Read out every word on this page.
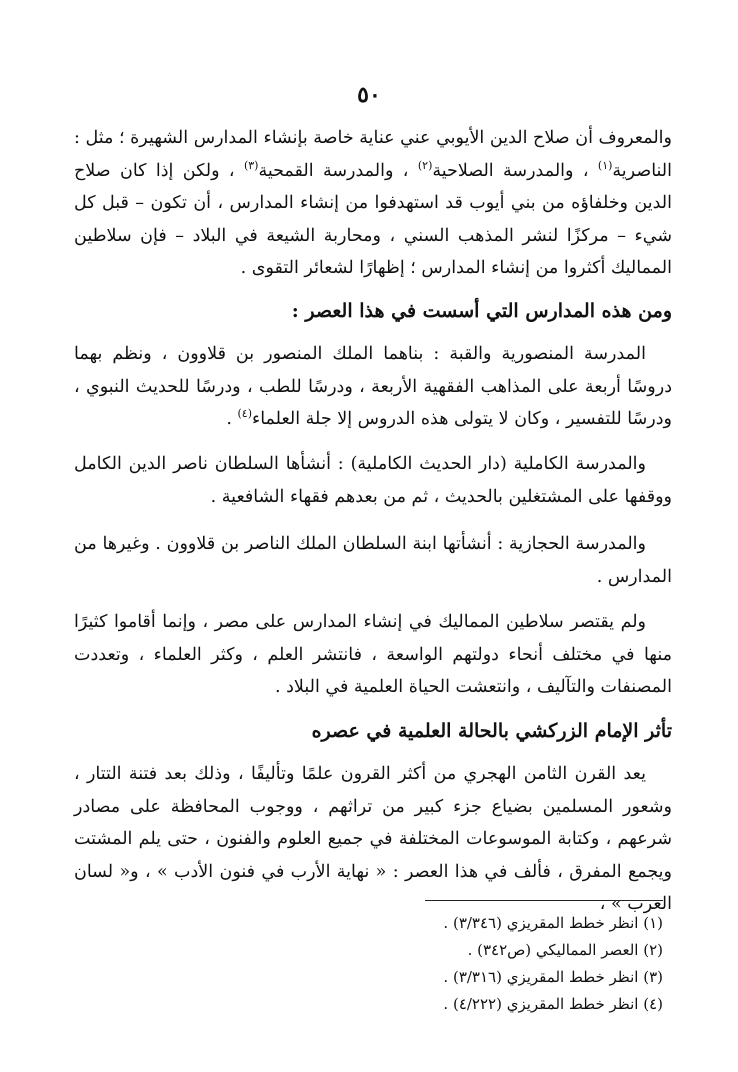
٥٠

والمعروف أن صلاح الدين الأيوبي عني عناية خاصة بإنشاء المدارس الشهيرة ؛ مثل : الناصرية$^{(١)}$ ، والمدرسة الصلاحية$^{(٢)}$ ، والمدرسة القمحية$^{(٣)}$ ، ولكن إذا كان صلاح الدين وخلفاؤه من بني أيوب قد استهدفوا من إنشاء المدارس ، أن تكون – قبل كل شيء – مركزًا لنشر المذهب السني ، ومحاربة الشيعة في البلاد – فإن سلاطين المماليك أكثروا من إنشاء المدارس ؛ إظهارًا لشعائر التقوى .

ومن هذه المدارس التي أسست في هذا العصر :

المدرسة المنصورية والقبة : بناهما الملك المنصور بن قلاوون ، ونظم بهما دروسًا أربعة على المذاهب الفقهية الأربعة ، ودرسًا للطب ، ودرسًا للحديث النبوي ، ودرسًا للتفسير ، وكان لا يتولى هذه الدروس إلا جلة العلماء$^{(٤)}$ .

والمدرسة الكاملية (دار الحديث الكاملية) : أنشأها السلطان ناصر الدين الكامل ووقفها على المشتغلين بالحديث ، ثم من بعدهم فقهاء الشافعية .

والمدرسة الحجازية : أنشأتها ابنة السلطان الملك الناصر بن قلاوون . وغيرها من المدارس .

ولم يقتصر سلاطين المماليك في إنشاء المدارس على مصر ، وإنما أقاموا كثيرًا منها في مختلف أنحاء دولتهم الواسعة ، فانتشر العلم ، وكثر العلماء ، وتعددت المصنفات والتآليف ، وانتعشت الحياة العلمية في البلاد .

تأثر الإمام الزركشي بالحالة العلمية في عصره

يعد القرن الثامن الهجري من أكثر القرون علمًا وتأليفًا ، وذلك بعد فتنة التتار ، وشعور المسلمين بضياع جزء كبير من تراثهم ، ووجوب المحافظة على مصادر شرعهم ، وكتابة الموسوعات المختلفة في جميع العلوم والفنون ، حتى يلم المشتت ويجمع المفرق ، فألف في هذا العصر : « نهاية الأرب في فنون الأدب » ، و« لسان العرب » ،

(١) انظر خطط المقريزي (٣/٣٤٦) .
(٢) العصر المماليكي (ص٣٤٢) .
(٣) انظر خطط المقريزي (٣/٣١٦) .
(٤) انظر خطط المقريزي (٤/٢٢٢) .
